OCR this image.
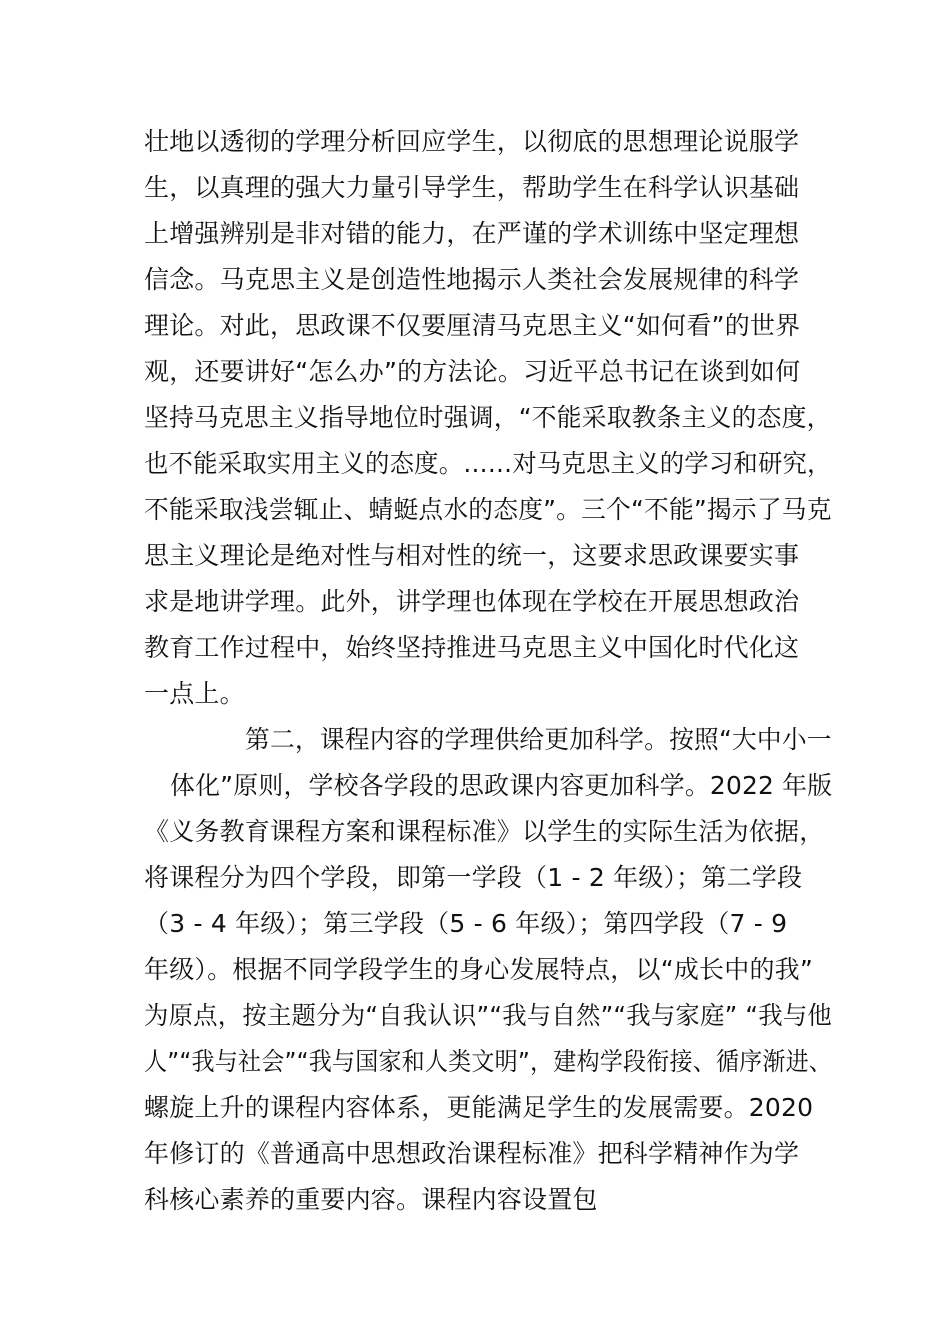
壮地以透彻的学理分析回应学生，以彻底的思想理论说服学
生，以真理的强大力量引导学生，帮助学生在科学认识基础
上增强辨别是非对错的能力，在严谨的学术训练中坚定理想
信念。马克思主义是创造性地揭示人类社会发展规律的科学
理论。对此，思政课不仅要厘清马克思主义“如何看”的世界
观，还要讲好“怎么办”的方法论。习近平总书记在谈到如何
坚持马克思主义指导地位时强调，“不能采取教条主义的态度，
也不能采取实用主义的态度。……对马克思主义的学习和研究，
不能采取浅尝辄止、蜻蜓点水的态度”。三个“不能”揭示了马克
思主义理论是绝对性与相对性的统一，这要求思政课要实事
求是地讲学理。此外，讲学理也体现在学校在开展思想政治
教育工作过程中，始终坚持推进马克思主义中国化时代化这
一点上。
第二，课程内容的学理供给更加科学。按照“大中小一
体化”原则，学校各学段的思政课内容更加科学。2022 年版
《义务教育课程方案和课程标准》以学生的实际生活为依据，
将课程分为四个学段，即第一学段（1 - 2 年级）；第二学段
（3 - 4 年级）；第三学段（5 - 6 年级）；第四学段（7 - 9
年级）。根据不同学段学生的身心发展特点，以“成长中的我”
为原点，按主题分为“自我认识”“我与自然”“我与家庭” “我与他
人”“我与社会”“我与国家和人类文明”，建构学段衔接、循序渐进、
螺旋上升的课程内容体系，更能满足学生的发展需要。2020
年修订的《普通高中思想政治课程标准》把科学精神作为学
科核心素养的重要内容。课程内容设置包
